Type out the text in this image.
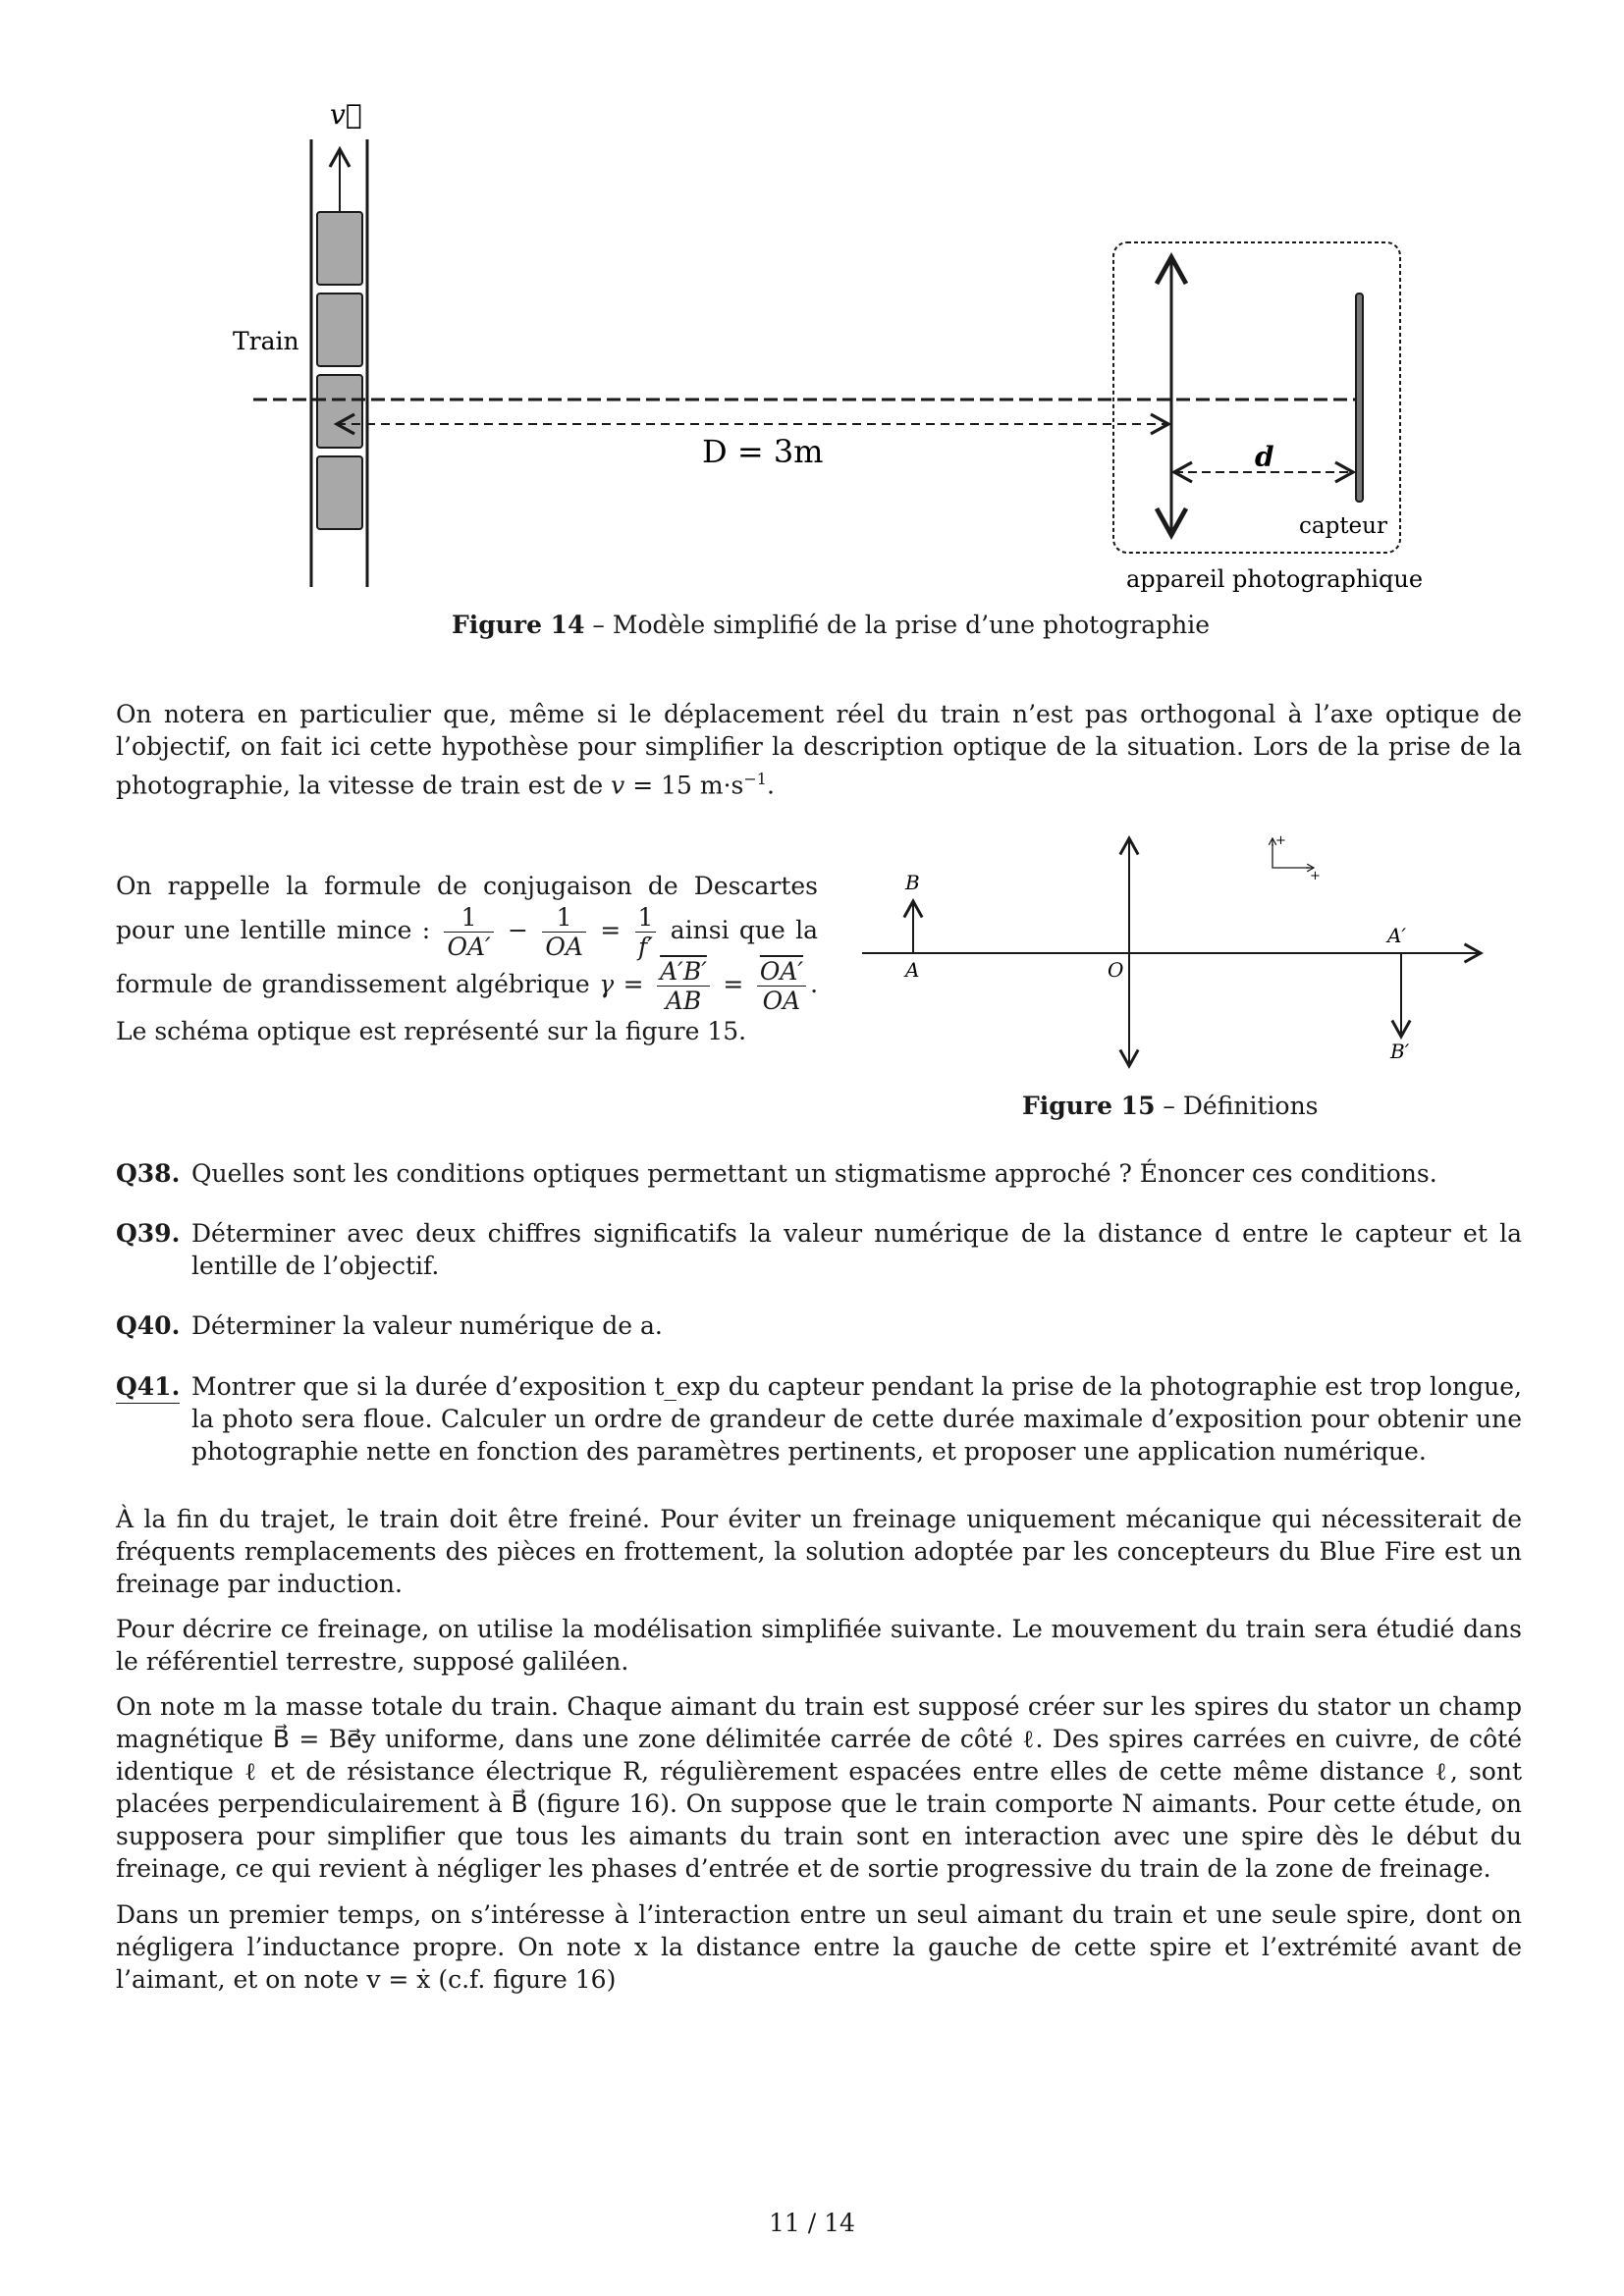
v⃗
Train
D = 3m	d
capteur
appareil photographique
Figure 14 – Modèle simplifié de la prise d’une photographie

On notera en particulier que, même si le déplacement réel du train n’est pas orthogonal à l’axe optique de l’objectif, on fait ici cette hypothèse pour simplifier la description optique de la situation. Lors de la prise de la photographie, la vitesse de train est de v = 15 $m\cdot s^{-1}$.

On rappelle la formule de conjugaison de Descartes pour une lentille mince : $\frac{1}{OA'} - \frac{1}{OA} = \frac{1}{f'}$ ainsi que la formule de grandissement algébrique $\gamma = \frac{A'B'}{AB} = \frac{OA'}{OA}$ . Le schéma optique est représenté sur la figure 15.
+
+
B
A	O
A′
B′
Figure 15 – Définitions
Q38. Quelles sont les conditions optiques permettant un stigmatisme approché ? Énoncer ces conditions.
Q39. Déterminer avec deux chiffres significatifs la valeur numérique de la distance d entre le capteur et la lentille de l’objectif.
Q40. Déterminer la valeur numérique de a.
Q41. Montrer que si la durée d’exposition t_exp du capteur pendant la prise de la photographie est trop longue, la photo sera floue. Calculer un ordre de grandeur de cette durée maximale d’exposition pour obtenir une photographie nette en fonction des paramètres pertinents, et proposer une application numérique.

À la fin du trajet, le train doit être freiné. Pour éviter un freinage uniquement mécanique qui nécessiterait de fréquents remplacements des pièces en frottement, la solution adoptée par les concepteurs du Blue Fire est un freinage par induction.

Pour décrire ce freinage, on utilise la modélisation simplifiée suivante. Le mouvement du train sera étudié dans le référentiel terrestre, supposé galiléen.

On note m la masse totale du train. Chaque aimant du train est supposé créer sur les spires du stator un champ magnétique B⃗ = Be⃗y uniforme, dans une zone délimitée carrée de côté ℓ. Des spires carrées en cuivre, de côté identique ℓ et de résistance électrique R, régulièrement espacées entre elles de cette même distance ℓ, sont placées perpendiculairement à B⃗ (figure 16). On suppose que le train comporte N aimants. Pour cette étude, on supposera pour simplifier que tous les aimants du train sont en interaction avec une spire dès le début du freinage, ce qui revient à négliger les phases d’entrée et de sortie progressive du train de la zone de freinage.

Dans un premier temps, on s’intéresse à l’interaction entre un seul aimant du train et une seule spire, dont on négligera l’inductance propre. On note x la distance entre la gauche de cette spire et l’extrémité avant de l’aimant, et on note v = ẋ (c.f. figure 16)

11 / 14
